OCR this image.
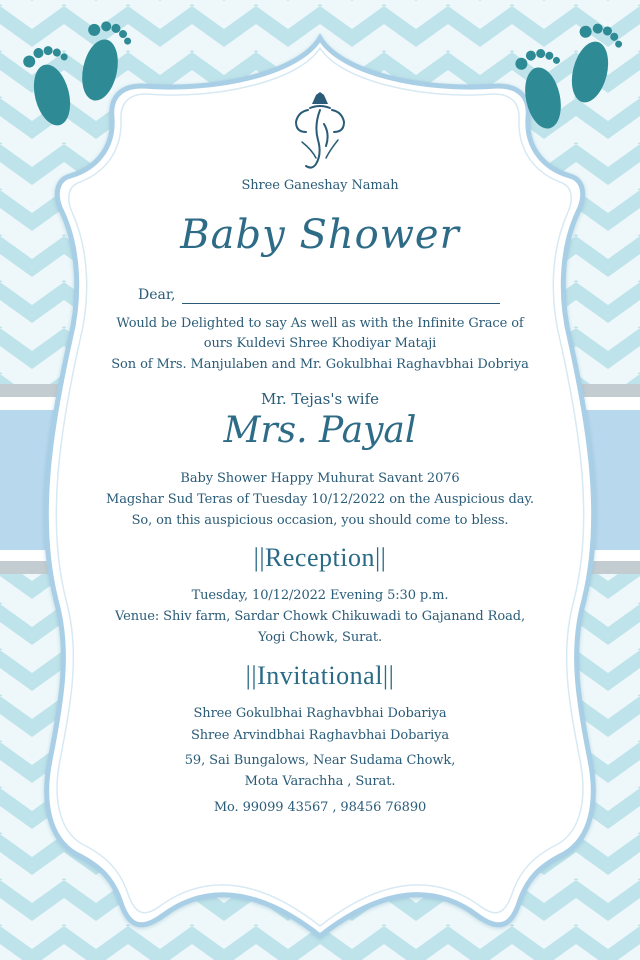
Shree Ganeshay Namah
Baby Shower
Dear,
Would be Delighted to say As well as with the Infinite Grace of
ours Kuldevi Shree Khodiyar Mataji
Son of Mrs. Manjulaben and Mr. Gokulbhai Raghavbhai Dobriya
Mr. Tejas's wife
Mrs. Payal
Baby Shower Happy Muhurat Savant 2076
Magshar Sud Teras of Tuesday 10/12/2022 on the Auspicious day.
So, on this auspicious occasion, you should come to bless.
||Reception||
Tuesday, 10/12/2022 Evening 5:30 p.m.
Venue: Shiv farm, Sardar Chowk Chikuwadi to Gajanand Road,
Yogi Chowk, Surat.
||Invitational||
Shree Gokulbhai Raghavbhai Dobariya
Shree Arvindbhai Raghavbhai Dobariya
59, Sai Bungalows, Near Sudama Chowk,
Mota Varachha , Surat.
Mo. 99099 43567 , 98456 76890
